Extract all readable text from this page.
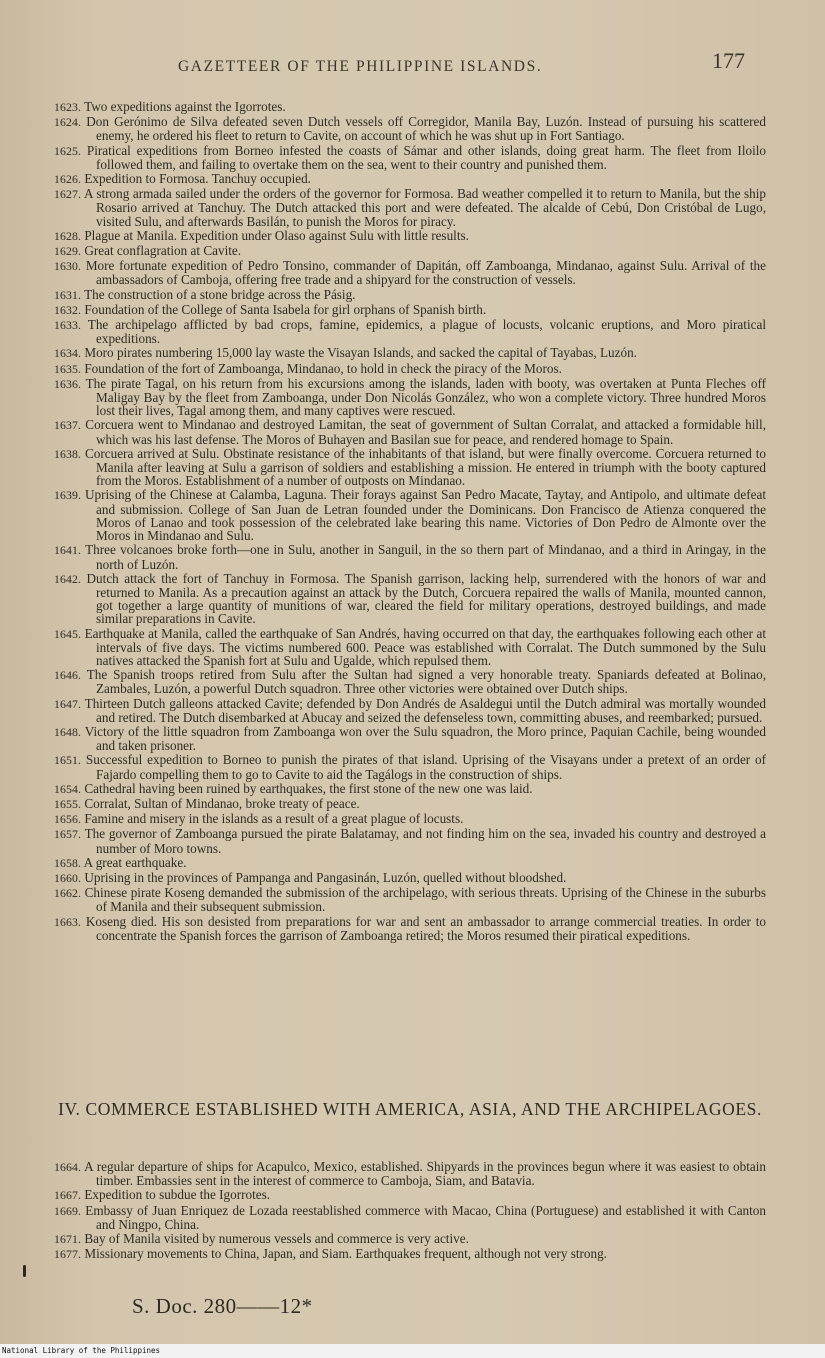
GAZETTEER OF THE PHILIPPINE ISLANDS.	177

1623. Two expeditions against the Igorrotes.

1624. Don Gerónimo de Silva defeated seven Dutch vessels off Corregidor, Manila Bay, Luzón. Instead of pursuing his scattered enemy, he ordered his fleet to return to Cavite, on account of which he was shut up in Fort Santiago.

1625. Piratical expeditions from Borneo infested the coasts of Sámar and other islands, doing great harm. The fleet from Iloilo followed them, and failing to overtake them on the sea, went to their country and punished them.

1626. Expedition to Formosa. Tanchuy occupied.

1627. A strong armada sailed under the orders of the governor for Formosa. Bad weather compelled it to return to Manila, but the ship Rosario arrived at Tanchuy. The Dutch attacked this port and were defeated. The alcalde of Cebú, Don Cristóbal de Lugo, visited Sulu, and afterwards Basilán, to punish the Moros for piracy.

1628. Plague at Manila. Expedition under Olaso against Sulu with little results.

1629. Great conflagration at Cavite.

1630. More fortunate expedition of Pedro Tonsino, commander of Dapitán, off Zamboanga, Mindanao, against Sulu. Arrival of the ambassadors of Camboja, offering free trade and a shipyard for the construction of vessels.

1631. The construction of a stone bridge across the Pásig.

1632. Foundation of the College of Santa Isabela for girl orphans of Spanish birth.

1633. The archipelago afflicted by bad crops, famine, epidemics, a plague of locusts, volcanic eruptions, and Moro piratical expeditions.

1634. Moro pirates numbering 15,000 lay waste the Visayan Islands, and sacked the capital of Tayabas, Luzón.

1635. Foundation of the fort of Zamboanga, Mindanao, to hold in check the piracy of the Moros.

1636. The pirate Tagal, on his return from his excursions among the islands, laden with booty, was overtaken at Punta Fleches off Maligay Bay by the fleet from Zamboanga, under Don Nicolás González, who won a complete victory. Three hundred Moros lost their lives, Tagal among them, and many captives were rescued.

1637. Corcuera went to Mindanao and destroyed Lamitan, the seat of government of Sultan Corralat, and attacked a formidable hill, which was his last defense. The Moros of Buhayen and Basilan sue for peace, and rendered homage to Spain.

1638. Corcuera arrived at Sulu. Obstinate resistance of the inhabitants of that island, but were finally overcome. Corcuera returned to Manila after leaving at Sulu a garrison of soldiers and establishing a mission. He entered in triumph with the booty captured from the Moros. Establishment of a number of outposts on Mindanao.

1639. Uprising of the Chinese at Calamba, Laguna. Their forays against San Pedro Macate, Taytay, and Antipolo, and ultimate defeat and submission. College of San Juan de Letran founded under the Dominicans. Don Francisco de Atienza conquered the Moros of Lanao and took possession of the celebrated lake bearing this name. Victories of Don Pedro de Almonte over the Moros in Mindanao and Sulu.

1641. Three volcanoes broke forth—one in Sulu, another in Sanguil, in the so thern part of Mindanao, and a third in Aringay, in the north of Luzón.

1642. Dutch attack the fort of Tanchuy in Formosa. The Spanish garrison, lacking help, surrendered with the honors of war and returned to Manila. As a precaution against an attack by the Dutch, Corcuera repaired the walls of Manila, mounted cannon, got together a large quantity of munitions of war, cleared the field for military operations, destroyed buildings, and made similar preparations in Cavite.

1645. Earthquake at Manila, called the earthquake of San Andrés, having occurred on that day, the earthquakes following each other at intervals of five days. The victims numbered 600. Peace was established with Corralat. The Dutch summoned by the Sulu natives attacked the Spanish fort at Sulu and Ugalde, which repulsed them.

1646. The Spanish troops retired from Sulu after the Sultan had signed a very honorable treaty. Spaniards defeated at Bolinao, Zambales, Luzón, a powerful Dutch squadron. Three other victories were obtained over Dutch ships.

1647. Thirteen Dutch galleons attacked Cavite; defended by Don Andrés de Asaldegui until the Dutch admiral was mortally wounded and retired. The Dutch disembarked at Abucay and seized the defenseless town, committing abuses, and reembarked; pursued.

1648. Victory of the little squadron from Zamboanga won over the Sulu squadron, the Moro prince, Paquian Cachile, being wounded and taken prisoner.

1651. Successful expedition to Borneo to punish the pirates of that island. Uprising of the Visayans under a pretext of an order of Fajardo compelling them to go to Cavite to aid the Tagálogs in the construction of ships.

1654. Cathedral having been ruined by earthquakes, the first stone of the new one was laid.

1655. Corralat, Sultan of Mindanao, broke treaty of peace.

1656. Famine and misery in the islands as a result of a great plague of locusts.

1657. The governor of Zamboanga pursued the pirate Balatamay, and not finding him on the sea, invaded his country and destroyed a number of Moro towns.

1658. A great earthquake.

1660. Uprising in the provinces of Pampanga and Pangasinán, Luzón, quelled without bloodshed.

1662. Chinese pirate Koseng demanded the submission of the archipelago, with serious threats. Uprising of the Chinese in the suburbs of Manila and their subsequent submission.

1663. Koseng died. His son desisted from preparations for war and sent an ambassador to arrange commercial treaties. In order to concentrate the Spanish forces the garrison of Zamboanga retired; the Moros resumed their piratical expeditions.

IV. COMMERCE ESTABLISHED WITH AMERICA, ASIA, AND THE ARCHIPELAGOES.

1664. A regular departure of ships for Acapulco, Mexico, established. Shipyards in the provinces begun where it was easiest to obtain timber. Embassies sent in the interest of commerce to Camboja, Siam, and Batavia.

1667. Expedition to subdue the Igorrotes.

1669. Embassy of Juan Enriquez de Lozada reestablished commerce with Macao, China (Portuguese) and established it with Canton and Ningpo, China.

1671. Bay of Manila visited by numerous vessels and commerce is very active.

1677. Missionary movements to China, Japan, and Siam. Earthquakes frequent, although not very strong.

S. Doc. 280——12*
National Library of the Philippines
